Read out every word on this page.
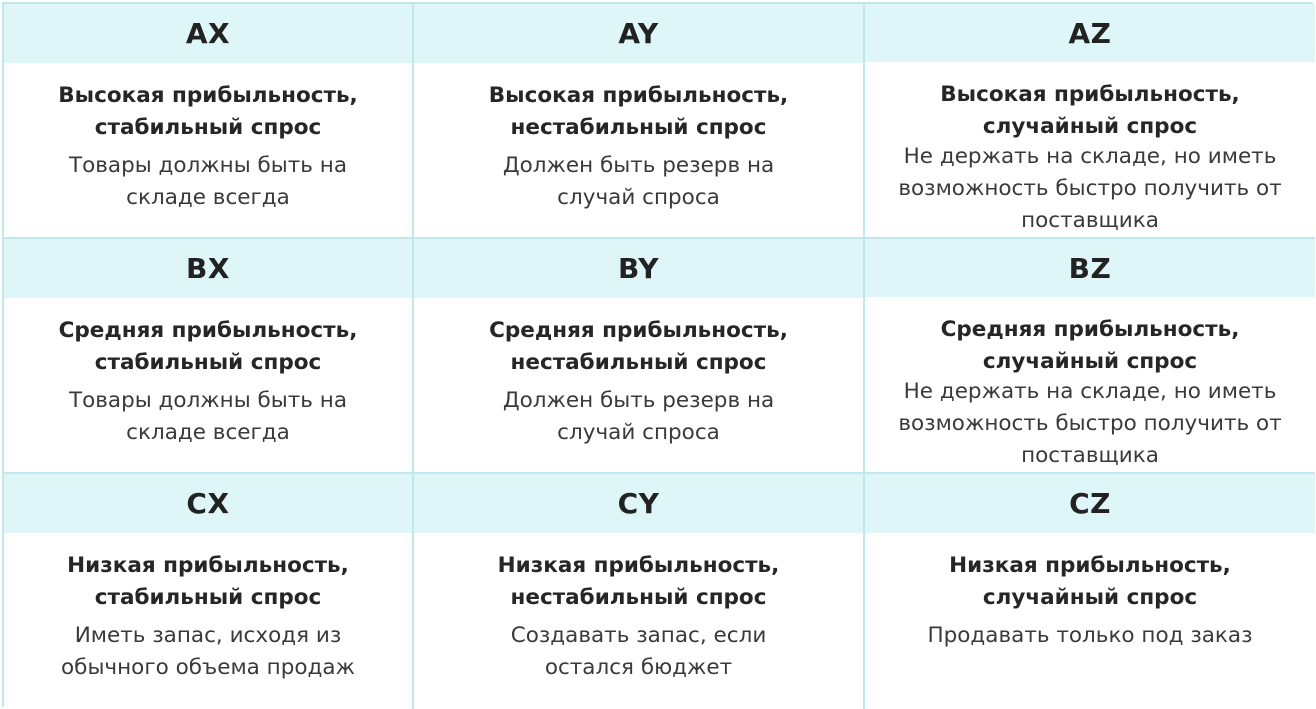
AX
Высокая прибыльность,
стабильный спрос
Товары должны быть на
складе всегда
AY
Высокая прибыльность,
нестабильный спрос
Должен быть резерв на
случай спроса
AZ
Высокая прибыльность,
случайный спрос
Не держать на складе, но иметь
возможность быстро получить от
поставщика
BX
Средняя прибыльность,
стабильный спрос
Товары должны быть на
складе всегда
BY
Средняя прибыльность,
нестабильный спрос
Должен быть резерв на
случай спроса
BZ
Средняя прибыльность,
случайный спрос
Не держать на складе, но иметь
возможность быстро получить от
поставщика
CX
Низкая прибыльность,
стабильный спрос
Иметь запас, исходя из
обычного объема продаж
CY
Низкая прибыльность,
нестабильный спрос
Создавать запас, если
остался бюджет
CZ
Низкая прибыльность,
случайный спрос
Продавать только под заказ
